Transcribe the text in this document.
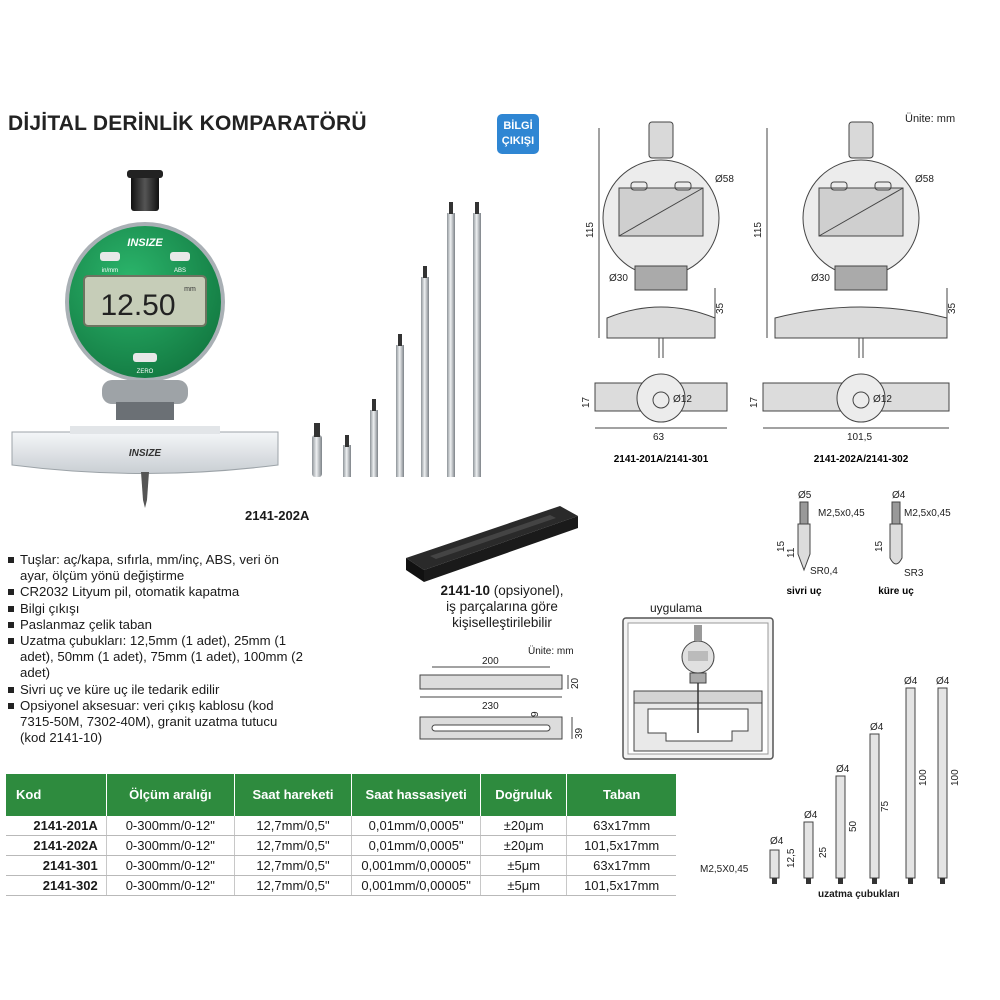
DİJİTAL DERİNLİK KOMPARATÖRÜ	BİLGİ ÇIKIŞI
Ünite: mm
INSIZE
in/mm	ABS
12.50 mm
ZERO
INSIZE
2141-202A
115
Ø58
Ø30
35
17	Ø12
63
115
Ø58
Ø30
35
17	Ø12
101,5
2141-201A/2141-301	2141-202A/2141-302
Ø5
M2,5x0,45
15
11
SR0,4
Ø4
M2,5x0,45
15
SR3
sivri uç	küre uç
Tuşlar: aç/kapa, sıfırla, mm/inç, ABS, veri ön ayar, ölçüm yönü değiştirme
CR2032 Lityum pil, otomatik kapatma
Bilgi çıkışı
Paslanmaz çelik taban
Uzatma çubukları: 12,5mm (1 adet), 25mm (1 adet), 50mm (1 adet), 75mm (1 adet), 100mm (2 adet)
Sivri uç ve küre uç ile tedarik edilir
Opsiyonel aksesuar: veri çıkış kablosu (kod 7315-50M, 7302-40M), granit uzatma tutucu (kod 2141-10)
2141-10 (opsiyonel),
iş parçalarına göre
kişiselleştirilebilir
Ünite: mm
200
230
20
9
39
uygulama
M2,5X0,45
Ø4
12,5
Ø4
25
Ø4
50
Ø4
75
Ø4
100
Ø4
100
uzatma çubukları
Kod	Ölçüm aralığı	Saat hareketi	Saat hassasiyeti	Doğruluk	Taban
2141-201A	0-300mm/0-12"	12,7mm/0,5"	0,01mm/0,0005"	±20μm	63x17mm
2141-202A	0-300mm/0-12"	12,7mm/0,5"	0,01mm/0,0005"	±20μm	101,5x17mm
2141-301	0-300mm/0-12"	12,7mm/0,5"	0,001mm/0,00005"	±5μm	63x17mm
2141-302	0-300mm/0-12"	12,7mm/0,5"	0,001mm/0,00005"	±5μm	101,5x17mm
